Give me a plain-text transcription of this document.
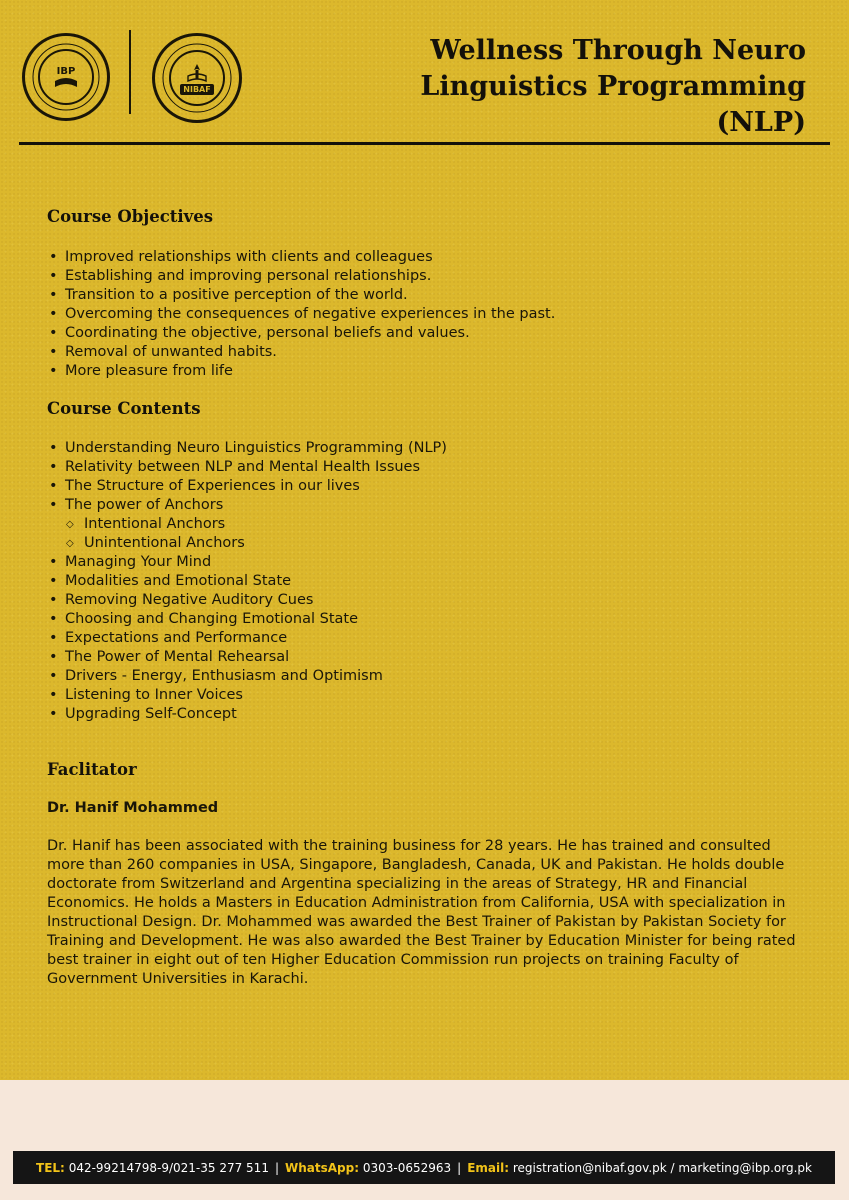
IBP
NIBAF
Wellness Through Neuro
Linguistics Programming (NLP)
Course Objectives
• Improved relationships with clients and colleagues
• Establishing and improving personal relationships.
• Transition to a positive perception of the world.
• Overcoming the consequences of negative experiences in the past.
• Coordinating the objective, personal beliefs and values.
• Removal of unwanted habits.
• More pleasure from life
Course Contents
• Understanding Neuro Linguistics Programming (NLP)
• Relativity between NLP and Mental Health Issues
• The Structure of Experiences in our lives
• The power of Anchors
◇ Intentional Anchors
◇ Unintentional Anchors
• Managing Your Mind
• Modalities and Emotional State
• Removing Negative Auditory Cues
• Choosing and Changing Emotional State
• Expectations and Performance
• The Power of Mental Rehearsal
• Drivers - Energy, Enthusiasm and Optimism
• Listening to Inner Voices
• Upgrading Self-Concept
Faclitator

Dr. Hanif Mohammed

Dr. Hanif has been associated with the training business for 28 years. He has trained and consulted more than 260 companies in USA, Singapore, Bangladesh, Canada, UK and Pakistan. He holds double doctorate from Switzerland and Argentina specializing in the areas of Strategy, HR and Financial Economics. He holds a Masters in Education Administration from California, USA with specialization in Instructional Design. Dr. Mohammed was awarded the Best Trainer of Pakistan by Pakistan Society for Training and Development. He was also awarded the Best Trainer by Education Minister for being rated best trainer in eight out of ten Higher Education Commission run projects on training Faculty of Government Universities in Karachi.

TEL:
042-99214798-9/021-35 277 511 | WhatsApp:
0303-0652963 | Email:
registration@nibaf.gov.pk / marketing@ibp.org.pk
